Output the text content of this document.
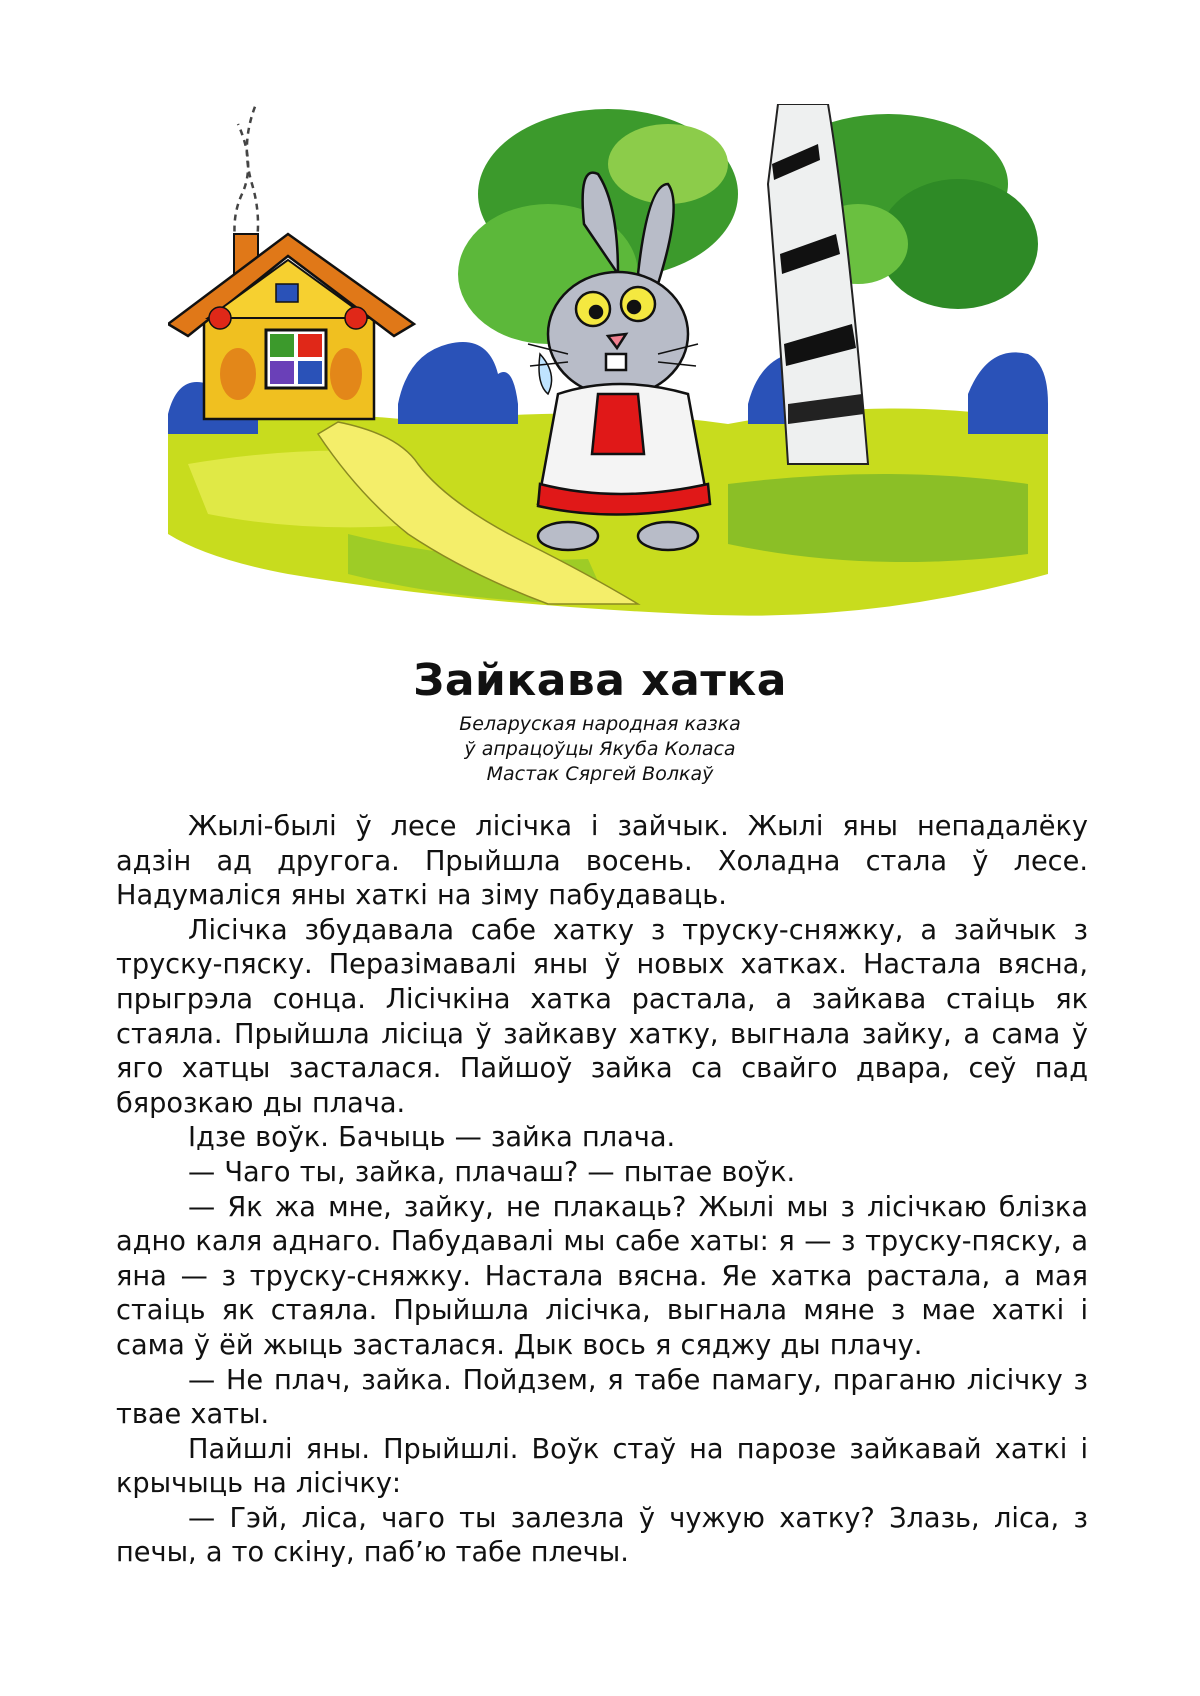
Зайкава хатка

Беларуская народная казка

ў апрацоўцы Якуба Коласа

Мастак Сяргей Волкаў

Жылі-былі ў лесе лісічка і зайчык. Жылі яны непадалёку адзін ад другога. Прыйшла восень. Холадна стала ў лесе. Надумаліся яны хаткі на зіму пабудаваць.

Лісічка збудавала сабе хатку з труску-сняжку, а зайчык з труску-пяску. Перазімавалі яны ў новых хатках. Настала вясна, прыгрэла сонца. Лісічкіна хатка растала, а зайкава стаіць як стаяла. Прыйшла лісіца ў зайкаву хатку, выгнала зайку, а сама ў яго хатцы засталася. Пайшоў зайка са свайго двара, сеў пад бярозкаю ды плача.

Ідзе воўк. Бачыць — зайка плача.

— Чаго ты, зайка, плачаш? — пытае воўк.

— Як жа мне, зайку, не плакаць? Жылі мы з лісічкаю блізка адно каля аднаго. Пабудавалі мы сабе хаты: я — з труску-пяску, а яна — з труску-сняжку. Настала вясна. Яе хатка растала, а мая стаіць як стаяла. Прыйшла лісічка, выгнала мяне з мае хаткі і сама ў ёй жыць засталася. Дык вось я сяджу ды плачу.

— Не плач, зайка. Пойдзем, я табе памагу, праганю лісічку з твае хаты.

Пайшлі яны. Прыйшлі. Воўк стаў на парозе зайкавай хаткі і крычыць на лісічку:

— Гэй, ліса, чаго ты залезла ў чужую хатку? Злазь, ліса, з печы, а то скіну, паб’ю табе плечы.
